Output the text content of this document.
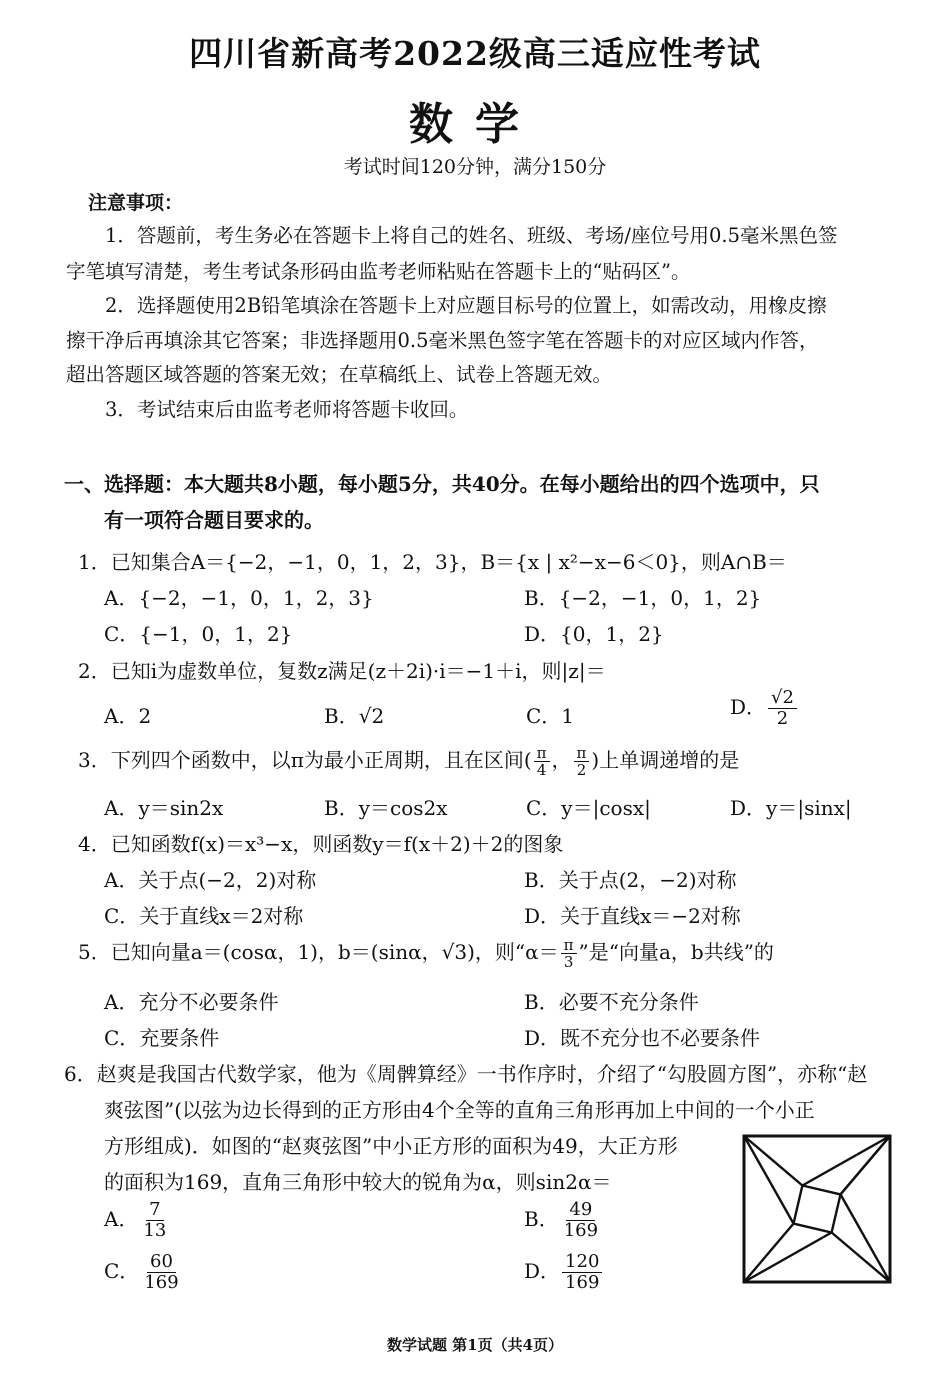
四川省新高考2022级高三适应性考试
数学
考试时间120分钟，满分150分
注意事项：
1．答题前，考生务必在答题卡上将自己的姓名、班级、考场/座位号用0.5毫米黑色签
字笔填写清楚，考生考试条形码由监考老师粘贴在答题卡上的“贴码区”。
2．选择题使用2B铅笔填涂在答题卡上对应题目标号的位置上，如需改动，用橡皮擦
擦干净后再填涂其它答案；非选择题用0.5毫米黑色签字笔在答题卡的对应区域内作答，
超出答题区域答题的答案无效；在草稿纸上、试卷上答题无效。
3．考试结束后由监考老师将答题卡收回。
一、选择题：本大题共8小题，每小题5分，共40分。在每小题给出的四个选项中，只
有一项符合题目要求的。
1．已知集合A＝{−2，−1，0，1，2，3}，B＝{x | x²−x−6＜0}，则A∩B＝
A．{−2，−1，0，1，2，3}	B．{−2，−1，0，1，2}
C．{−1，0，1，2}	D．{0，1，2}
2．已知i为虚数单位，复数z满足(z＋2i)·i＝−1＋i，则|z|＝
A．2	B．√2	C．1	D． $\frac{√2}{2}$
3．下列四个函数中，以π为最小正周期，且在区间( $\frac{\pi}{4}$ ， $\frac{\pi}{2}$ )上单调递增的是
A．y＝sin2x	B．y＝cos2x	C．y＝|cosx|	D．y＝|sinx|
4．已知函数f(x)＝x³−x，则函数y＝f(x＋2)＋2的图象
A．关于点(−2，2)对称	B．关于点(2，−2)对称
C．关于直线x＝2对称	D．关于直线x＝−2对称
5．已知向量a＝(cosα，1)，b＝(sinα，√3)，则“$\alpha= \frac{\pi}{3}$ ”是“向量a，b共线”的
A．充分不必要条件	B．必要不充分条件
C．充要条件	D．既不充分也不必要条件
6．赵爽是我国古代数学家，他为《周髀算经》一书作序时，介绍了“勾股圆方图”，亦称“赵
爽弦图”(以弦为边长得到的正方形由4个全等的直角三角形再加上中间的一个小正
方形组成)．如图的“赵爽弦图”中小正方形的面积为49，大正方形
的面积为169，直角三角形中较大的锐角为α，则sin2α＝
A． $\frac{7}{13}$	B． $\frac{49}{169}$
C． $\frac{60}{169}$	D． $\frac{120}{169}$
数学试题 第1页（共4页）
